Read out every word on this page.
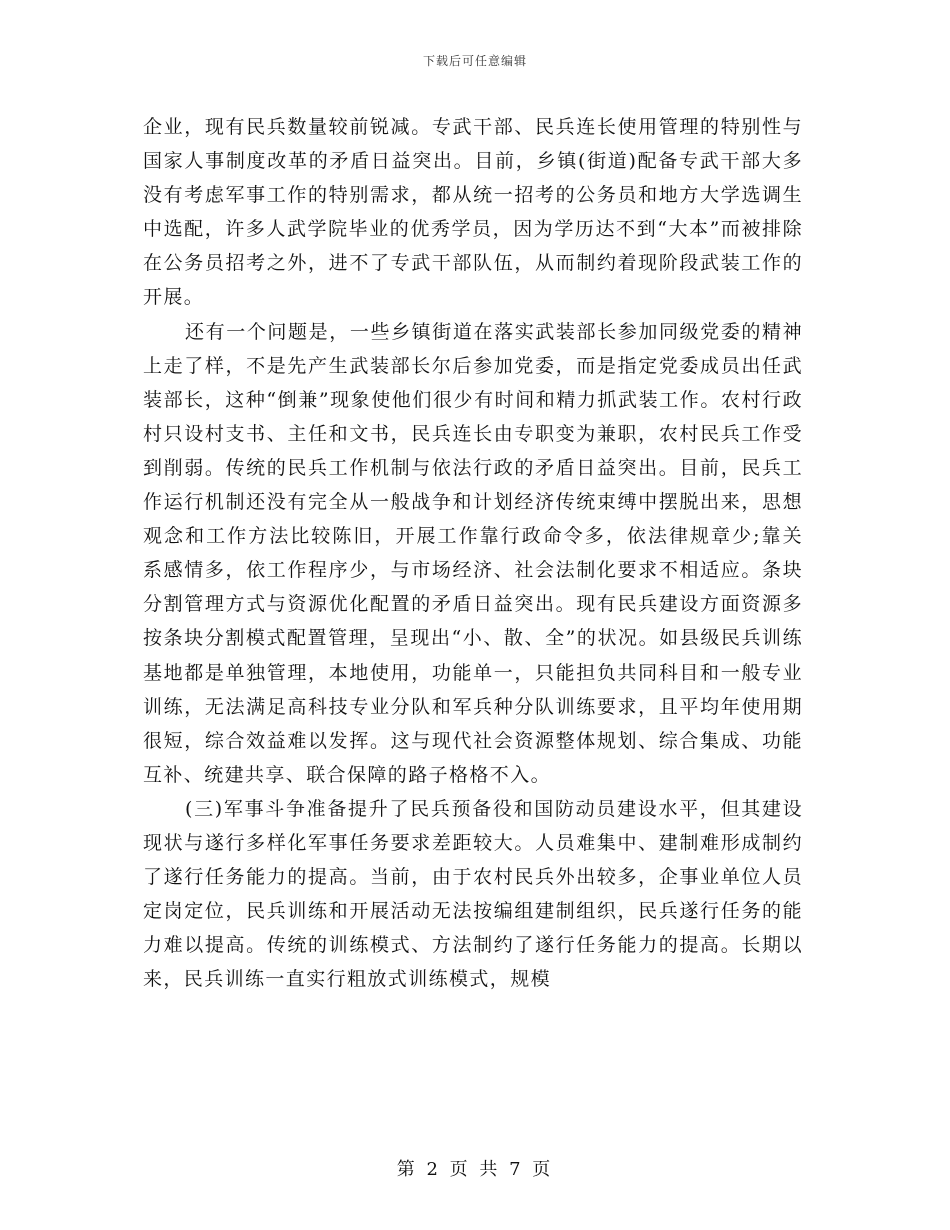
下载后可任意编辑

企业，现有民兵数量较前锐减。专武干部、民兵连长使用管理的特别性与国家人事制度改革的矛盾日益突出。目前，乡镇(街道)配备专武干部大多没有考虑军事工作的特别需求，都从统一招考的公务员和地方大学选调生中选配，许多人武学院毕业的优秀学员，因为学历达不到“大本”而被排除在公务员招考之外，进不了专武干部队伍，从而制约着现阶段武装工作的开展。

还有一个问题是，一些乡镇街道在落实武装部长参加同级党委的精神上走了样，不是先产生武装部长尔后参加党委，而是指定党委成员出任武装部长，这种“倒兼”现象使他们很少有时间和精力抓武装工作。农村行政村只设村支书、主任和文书，民兵连长由专职变为兼职，农村民兵工作受到削弱。传统的民兵工作机制与依法行政的矛盾日益突出。目前，民兵工作运行机制还没有完全从一般战争和计划经济传统束缚中摆脱出来，思想观念和工作方法比较陈旧，开展工作靠行政命令多，依法律规章少;靠关系感情多，依工作程序少，与市场经济、社会法制化要求不相适应。条块分割管理方式与资源优化配置的矛盾日益突出。现有民兵建设方面资源多按条块分割模式配置管理，呈现出“小、散、全”的状况。如县级民兵训练基地都是单独管理，本地使用，功能单一，只能担负共同科目和一般专业训练，无法满足高科技专业分队和军兵种分队训练要求，且平均年使用期很短，综合效益难以发挥。这与现代社会资源整体规划、综合集成、功能互补、统建共享、联合保障的路子格格不入。

(三)军事斗争准备提升了民兵预备役和国防动员建设水平，但其建设现状与遂行多样化军事任务要求差距较大。人员难集中、建制难形成制约了遂行任务能力的提高。当前，由于农村民兵外出较多，企事业单位人员定岗定位，民兵训练和开展活动无法按编组建制组织，民兵遂行任务的能力难以提高。传统的训练模式、方法制约了遂行任务能力的提高。长期以来，民兵训练一直实行粗放式训练模式，规模

第 2 页 共 7 页
